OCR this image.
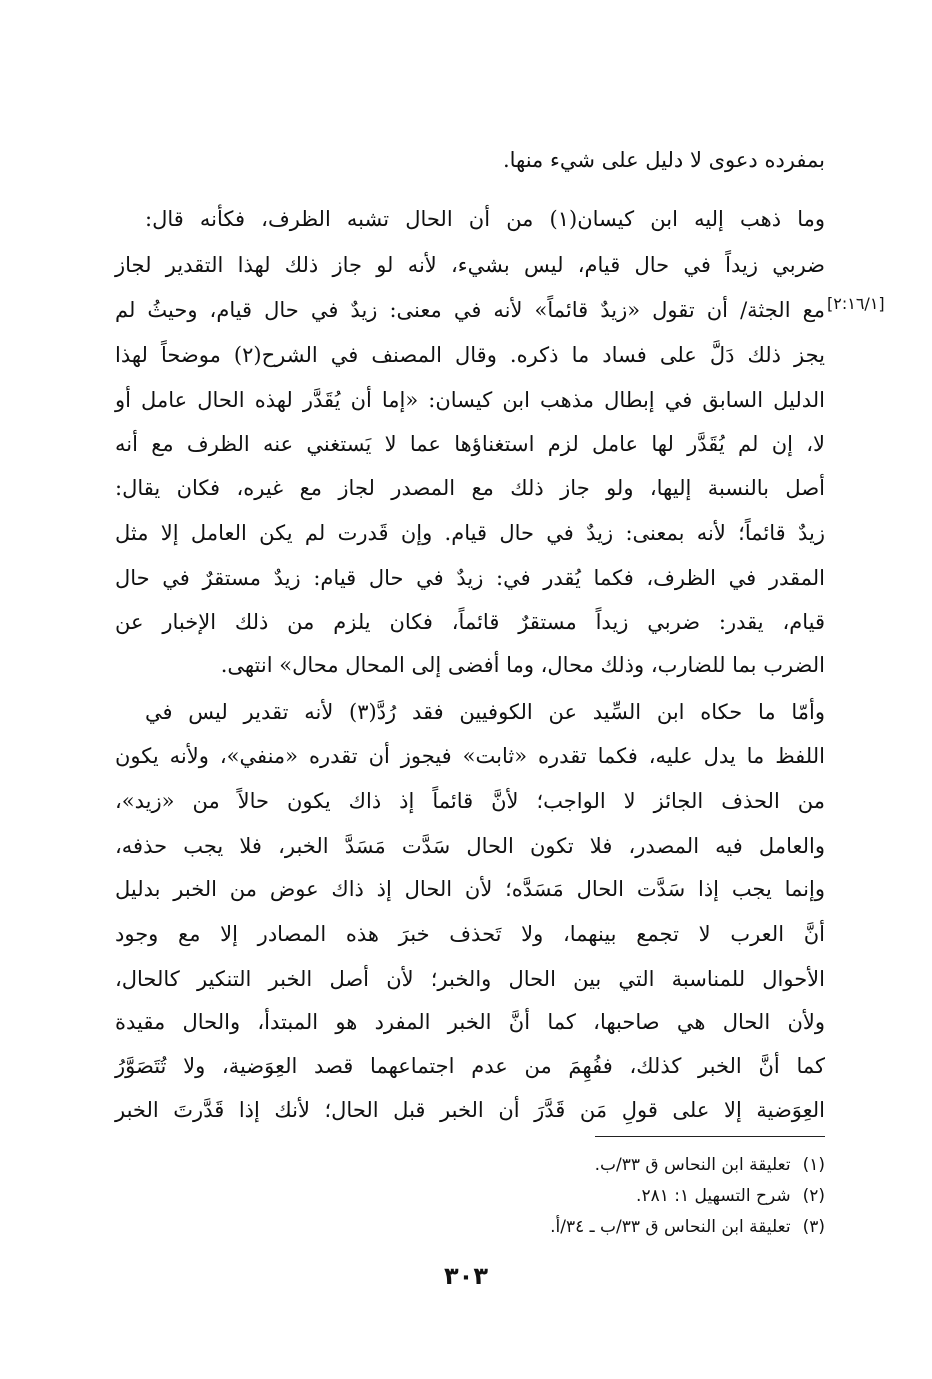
بمفرده دعوى لا دليل على شيء منها.
وما ذهب إليه ابن كيسان(١) من أن الحال تشبه الظرف، فكأنه قال:
ضربي زيداً في حال قيام، ليس بشيء، لأنه لو جاز ذلك لهذا التقدير لجاز
مع الجثة/ أن تقول «زيدٌ قائماً» لأنه في معنى: زيدٌ في حال قيام، وحيثُ لم
يجز ذلك دَلَّ على فساد ما ذكره. وقال المصنف في الشرح(٢) موضحاً لهذا
الدليل السابق في إبطال مذهب ابن كيسان: «إما أن يُقَدَّر لهذه الحال عامل أو
لا، إن لم يُقَدَّر لها عامل لزم استغناؤها عما لا يَستغني عنه الظرف مع أنه
أصل بالنسبة إليها، ولو جاز ذلك مع المصدر لجاز مع غيره، فكان يقال:
زيدٌ قائماً؛ لأنه بمعنى: زيدٌ في حال قيام. وإن قَدرت لم يكن العامل إلا مثل
المقدر في الظرف، فكما يُقدر في: زيدٌ في حال قيام: زيدٌ مستقرٌ في حال
قيام، يقدر: ضربي زيداً مستقرٌ قائماً، فكان يلزم من ذلك الإخبار عن
الضرب بما للضارب، وذلك محال، وما أفضى إلى المحال محال» انتهى.
وأمّا ما حكاه ابن السِّيد عن الكوفيين فقد رُدَّ(٣) لأنه تقدير ليس في
اللفظ ما يدل عليه، فكما تقدره «ثابت» فيجوز أن تقدره «منفي»، ولأنه يكون
من الحذف الجائز لا الواجب؛ لأنَّ قائماً إذ ذاك يكون حالاً من «زيد»،
والعامل فيه المصدر، فلا تكون الحال سَدَّت مَسَدَّ الخبر، فلا يجب حذفه،
وإنما يجب إذا سَدَّت الحال مَسَدَّه؛ لأن الحال إذ ذاك عوض من الخبر بدليل
أنَّ العرب لا تجمع بينهما، ولا تَحذف خبرَ هذه المصادر إلا مع وجود
الأحوال للمناسبة التي بين الحال والخبر؛ لأن أصل الخبر التنكير كالحال،
ولأن الحال هي صاحبها، كما أنَّ الخبر المفرد هو المبتدأ، والحال مقيدة
كما أنَّ الخبر كذلك، ففُهِمَ من عدم اجتماعهما قصد العِوَضية، ولا تُتَصَوَّرُ
العِوَضية إلا على قولِ مَن قَدَّرَ أن الخبر قبل الحال؛ لأنك إذا قَدَّرتَ الخبر
[٢:١٦/١]
(١)تعليقة ابن النحاس ق ٣٣/ب.
(٢)شرح التسهيل ١: ٢٨١.
(٣)تعليقة ابن النحاس ق ٣٣/ب ـ ٣٤/أ.
٣٠٣
